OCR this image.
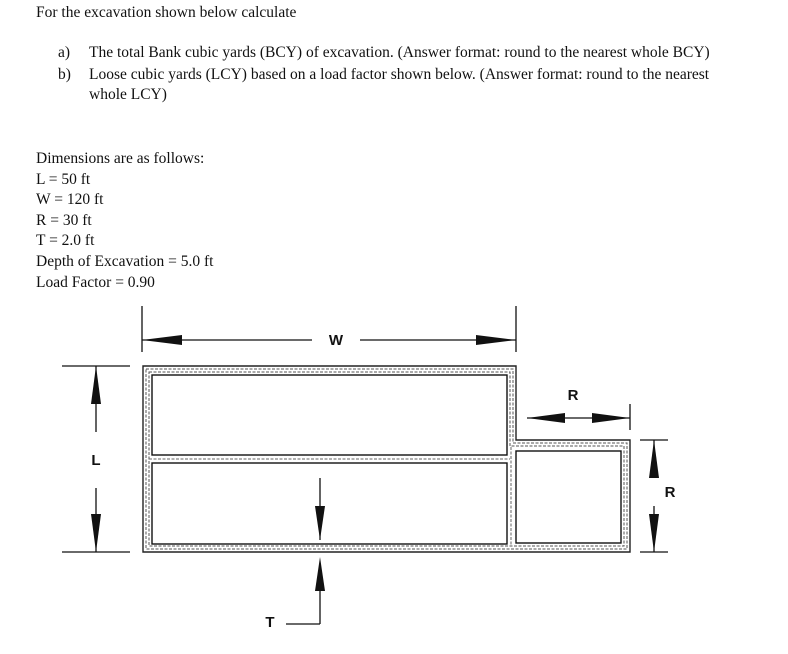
For the excavation shown below calculate
a)	The total Bank cubic yards (BCY) of excavation. (Answer format: round to the nearest whole BCY)
b)	Loose cubic yards (LCY) based on a load factor shown below. (Answer format: round to the nearest whole LCY)
Dimensions are as follows:
L = 50 ft
W = 120 ft
R = 30 ft
T = 2.0 ft
Depth of Excavation = 5.0 ft
Load Factor = 0.90
W
L
R
R
T
